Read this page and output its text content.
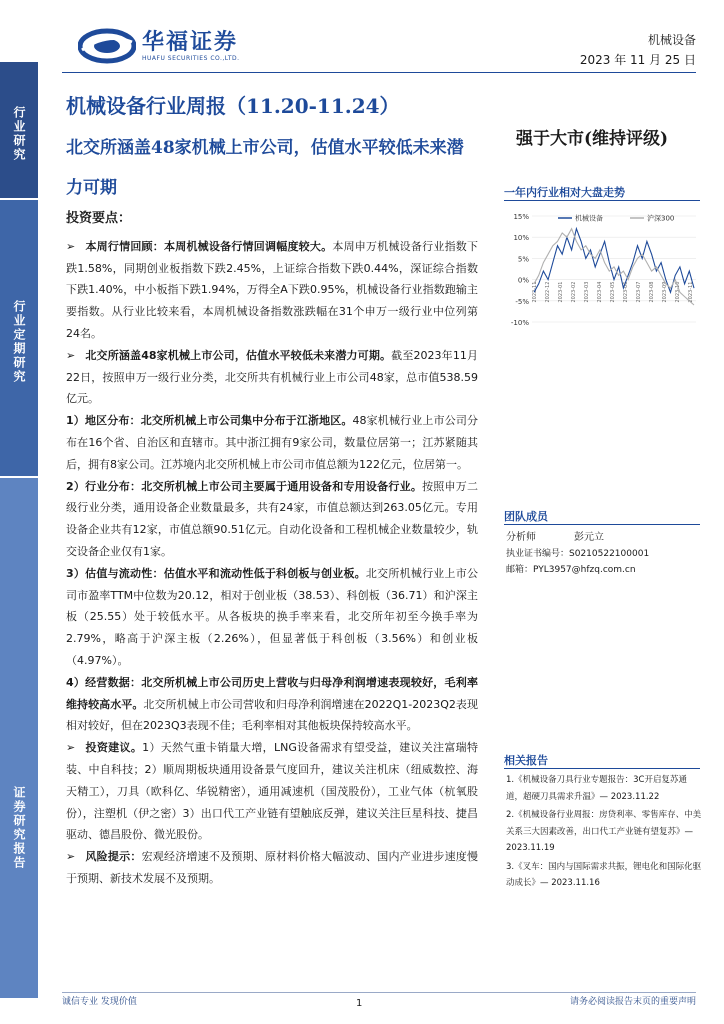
行业研究
行业定期研究
证券研究报告
华福证券
HUAFU SECURITIES CO.,LTD.
机械设备
2023 年 11 月 25 日
机械设备行业周报（11.20-11.24）
北交所涵盖48家机械上市公司，估值水平较低未来潜力可期
强于大市(维持评级)
投资要点：

➢ 本周行情回顾：本周机械设备行情回调幅度较大。本周申万机械设备行业指数下跌1.58%，同期创业板指数下跌2.45%，上证综合指数下跌0.44%，深证综合指数下跌1.40%，中小板指下跌1.94%，万得全A下跌0.95%，机械设备行业指数跑输主要指数。从行业比较来看，本周机械设备指数涨跌幅在31个申万一级行业中位列第24名。

➢ 北交所涵盖48家机械上市公司，估值水平较低未来潜力可期。截至2023年11月22日，按照申万一级行业分类，北交所共有机械行业上市公司48家，总市值538.59亿元。

1）地区分布：北交所机械上市公司集中分布于江浙地区。48家机械行业上市公司分布在16个省、自治区和直辖市。其中浙江拥有9家公司，数量位居第一；江苏紧随其后，拥有8家公司。江苏境内北交所机械上市公司市值总额为122亿元，位居第一。

2）行业分布：北交所机械上市公司主要属于通用设备和专用设备行业。按照申万二级行业分类，通用设备企业数量最多，共有24家，市值总额达到263.05亿元。专用设备企业共有12家，市值总额90.51亿元。自动化设备和工程机械企业数量较少，轨交设备企业仅有1家。

3）估值与流动性：估值水平和流动性低于科创板与创业板。北交所机械行业上市公司市盈率TTM中位数为20.12，相对于创业板（38.53）、科创板（36.71）和沪深主板（25.55）处于较低水平。从各板块的换手率来看，北交所年初至今换手率为2.79%，略高于沪深主板（2.26%），但显著低于科创板（3.56%）和创业板（4.97%）。

4）经营数据：北交所机械上市公司历史上营收与归母净利润增速表现较好，毛利率维持较高水平。北交所机械上市公司营收和归母净利润增速在2022Q1-2023Q2表现相对较好，但在2023Q3表现不佳；毛利率相对其他板块保持较高水平。

➢ 投资建议。1）天然气重卡销量大增，LNG设备需求有望受益，建议关注富瑞特装、中自科技；2）顺周期板块通用设备景气度回升，建议关注机床（纽威数控、海天精工），刀具（欧科亿、华锐精密），通用减速机（国茂股份），工业气体（杭氧股份），注塑机（伊之密）3）出口代工产业链有望触底反弹，建议关注巨星科技、捷昌驱动、德昌股份、微光股份。

➢ 风险提示：宏观经济增速不及预期、原材料价格大幅波动、国内产业进步速度慢于预期、新技术发展不及预期。

一年内行业相对大盘走势
15%
10%
5%
0%
-5%
-10%
2022-11 2022-12 2023-01 2023-02 2023-03 2023-04 2023-05 2023-06 2023-07 2023-08 2023-09 2023-10 2023-11
机械设备	沪深300
团队成员
分析师	彭元立
执业证书编号： S0210522100001
邮箱： PYL3957@hfzq.com.cn
相关报告
1.《机械设备刀具行业专题报告：3C开启复苏通道，超硬刀具需求升温》— 2023.11.22
2.《机械设备行业周报：房贷利率、零售库存、中美关系三大因素改善，出口代工产业链有望复苏》— 2023.11.19
3.《叉车：国内与国际需求共振，锂电化和国际化驱动成长》— 2023.11.16
诚信专业 发现价值	1	请务必阅读报告末页的重要声明
